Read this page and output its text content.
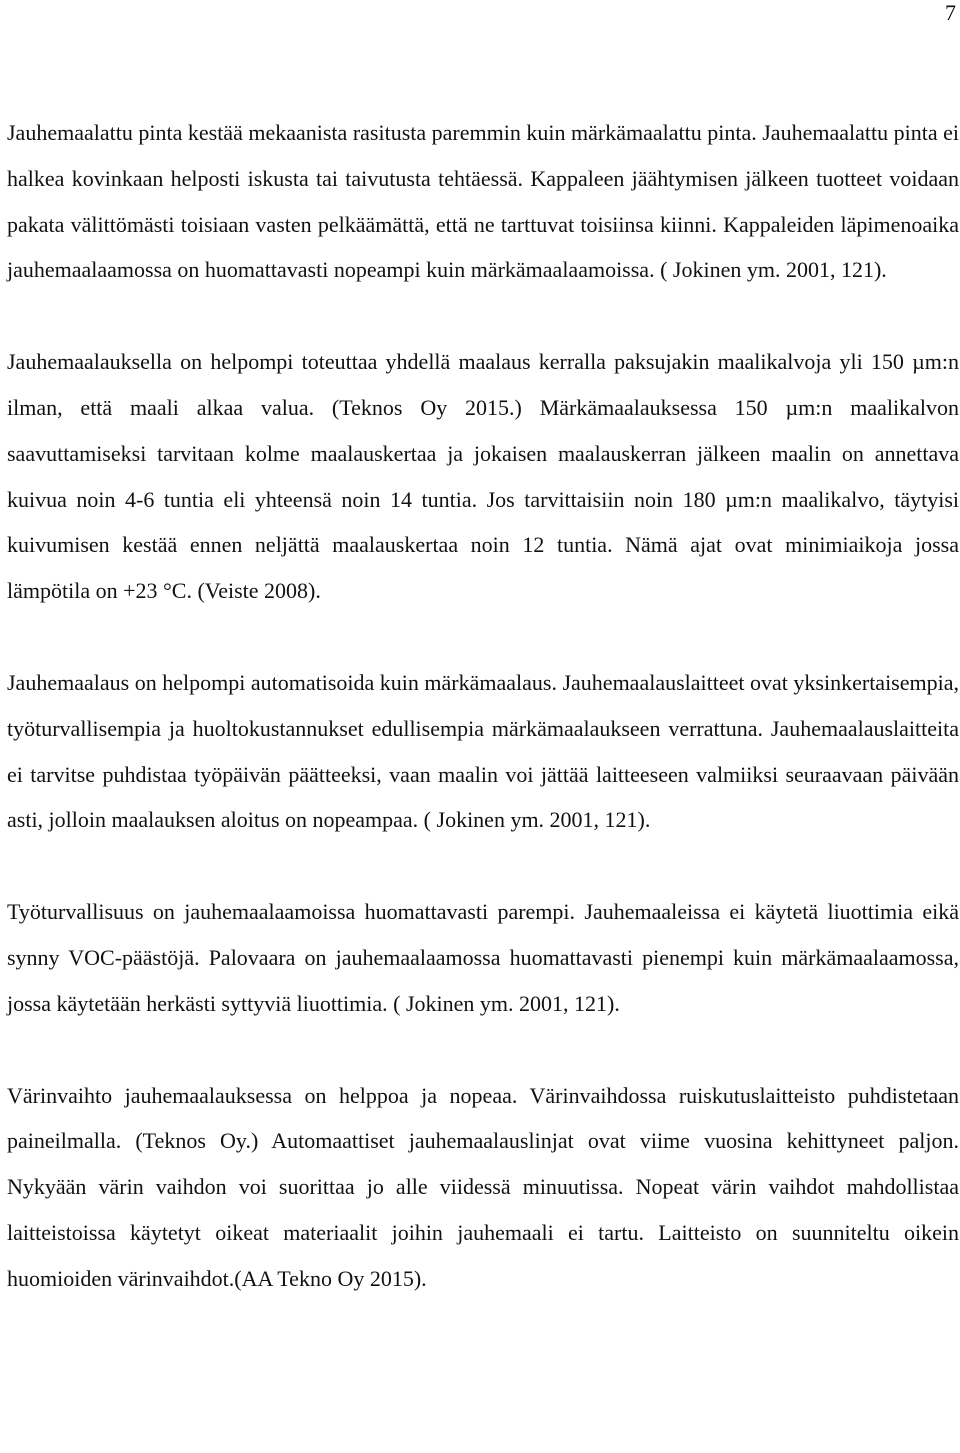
7

Jauhemaalattu pinta kestää mekaanista rasitusta paremmin kuin märkämaalattu pinta. Jauhemaalattu pinta ei halkea kovinkaan helposti iskusta tai taivutusta tehtäessä. Kappaleen jäähtymisen jälkeen tuotteet voidaan pakata välittömästi toisiaan vasten pelkäämättä, että ne tarttuvat toisiinsa kiinni. Kappaleiden läpimenoaika jauhemaalaamossa on huomattavasti nopeampi kuin märkämaalaamoissa. ( Jokinen ym. 2001, 121).

Jauhemaalauksella on helpompi toteuttaa yhdellä maalaus kerralla paksujakin maalikalvoja yli 150 µm:n ilman, että maali alkaa valua. (Teknos Oy 2015.) Märkämaalauksessa 150 µm:n maalikalvon saavuttamiseksi tarvitaan kolme maalauskertaa ja jokaisen maalauskerran jälkeen maalin on annettava kuivua noin 4-6 tuntia eli yhteensä noin 14 tuntia. Jos tarvittaisiin noin 180 µm:n maalikalvo, täytyisi kuivumisen kestää ennen neljättä maalauskertaa noin 12 tuntia. Nämä ajat ovat minimiaikoja jossa lämpötila on +23 °C. (Veiste 2008).

Jauhemaalaus on helpompi automatisoida kuin märkämaalaus. Jauhemaalauslaitteet ovat yksinkertaisempia, työturvallisempia ja huoltokustannukset edullisempia märkämaalaukseen verrattuna. Jauhemaalauslaitteita ei tarvitse puhdistaa työpäivän päätteeksi, vaan maalin voi jättää laitteeseen valmiiksi seuraavaan päivään asti, jolloin maalauksen aloitus on nopeampaa. ( Jokinen ym. 2001, 121).

Työturvallisuus on jauhemaalaamoissa huomattavasti parempi. Jauhemaaleissa ei käytetä liuottimia eikä synny VOC-päästöjä. Palovaara on jauhemaalaamossa huomattavasti pienempi kuin märkämaalaamossa, jossa käytetään herkästi syttyviä liuottimia. ( Jokinen ym. 2001, 121).

Värinvaihto jauhemaalauksessa on helppoa ja nopeaa. Värinvaihdossa ruiskutuslaitteisto puhdistetaan paineilmalla. (Teknos Oy.) Automaattiset jauhemaalauslinjat ovat viime vuosina kehittyneet paljon. Nykyään värin vaihdon voi suorittaa jo alle viidessä minuutissa. Nopeat värin vaihdot mahdollistaa laitteistoissa käytetyt oikeat materiaalit joihin jauhemaali ei tartu. Laitteisto on suunniteltu oikein huomioiden värinvaihdot.(AA Tekno Oy 2015).
